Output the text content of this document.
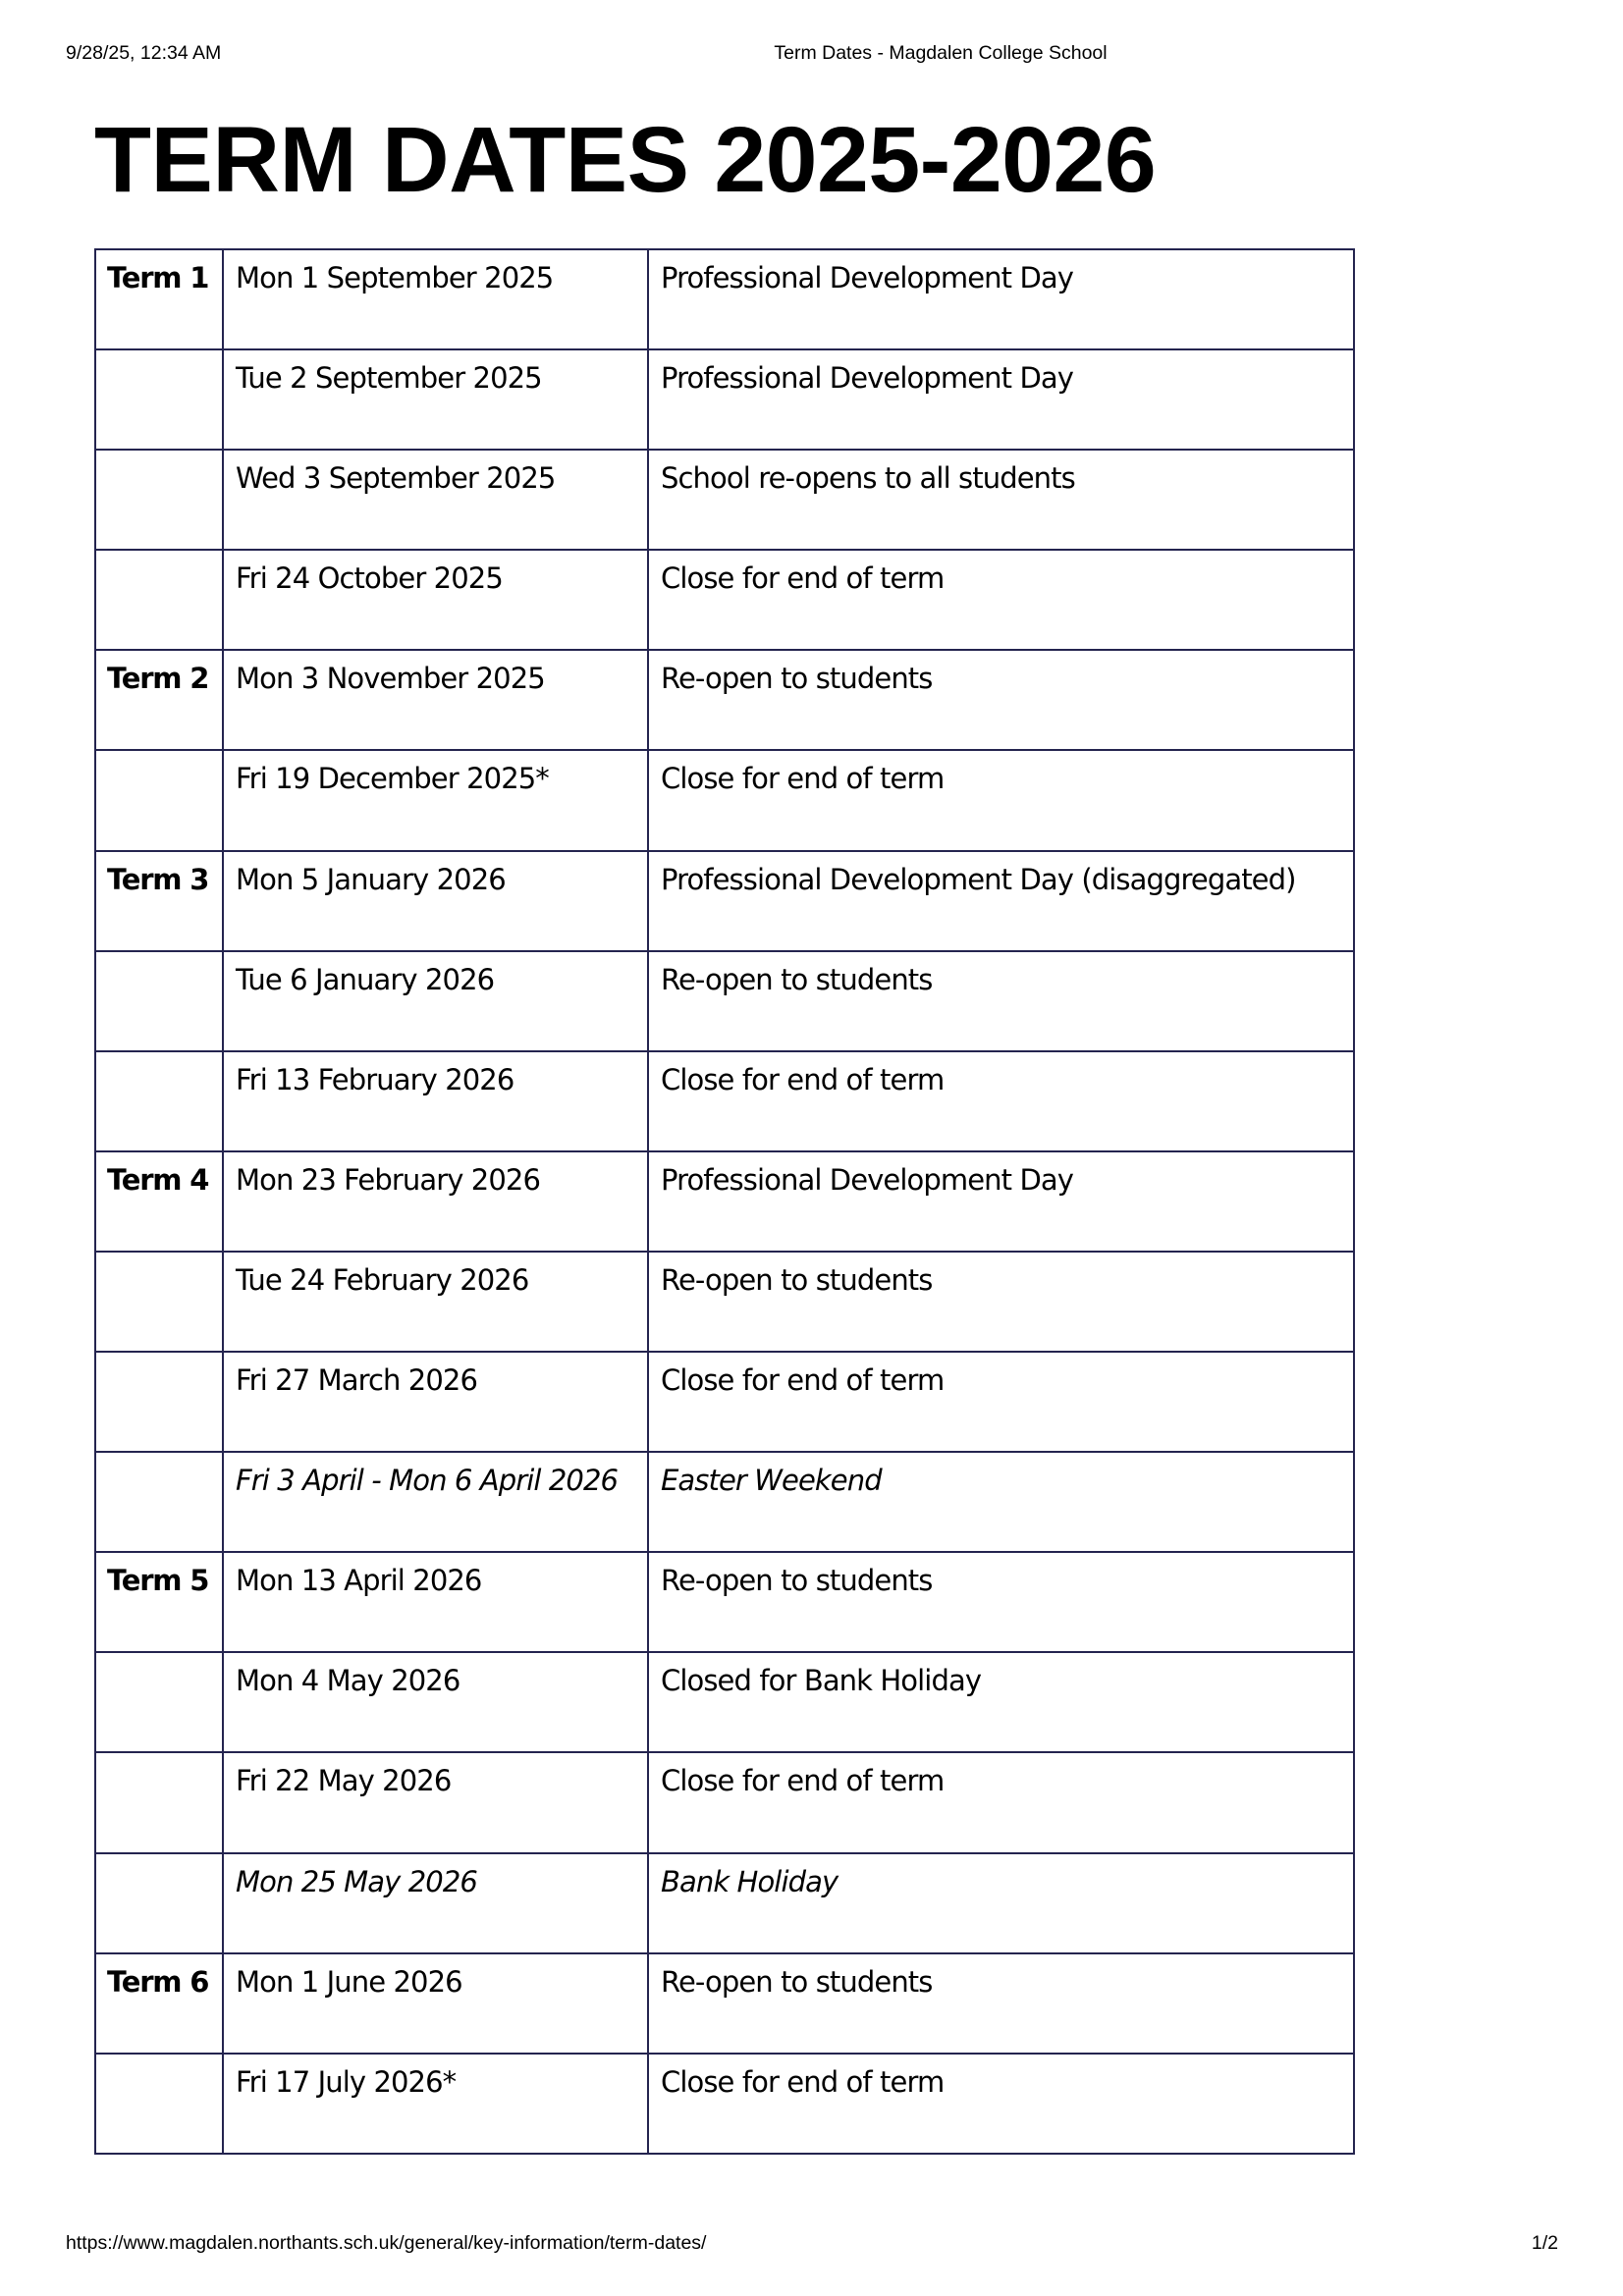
9/28/25, 12:34 AM	Term Dates - Magdalen College School
TERM DATES 2025-2026
Term 1	Mon 1 September 2025	Professional Development Day
	Tue 2 September 2025	Professional Development Day
	Wed 3 September 2025	School re-opens to all students
	Fri 24 October 2025	Close for end of term
Term 2	Mon 3 November 2025	Re-open to students
	Fri 19 December 2025*	Close for end of term
Term 3	Mon 5 January 2026	Professional Development Day (disaggregated)
	Tue 6 January 2026	Re-open to students
	Fri 13 February 2026	Close for end of term
Term 4	Mon 23 February 2026	Professional Development Day
	Tue 24 February 2026	Re-open to students
	Fri 27 March 2026	Close for end of term
	Fri 3 April - Mon 6 April 2026	Easter Weekend
Term 5	Mon 13 April 2026	Re-open to students
	Mon 4 May 2026	Closed for Bank Holiday
	Fri 22 May 2026	Close for end of term
	Mon 25 May 2026	Bank Holiday
Term 6	Mon 1 June 2026	Re-open to students
	Fri 17 July 2026*	Close for end of term
https://www.magdalen.northants.sch.uk/general/key-information/term-dates/	1/2
